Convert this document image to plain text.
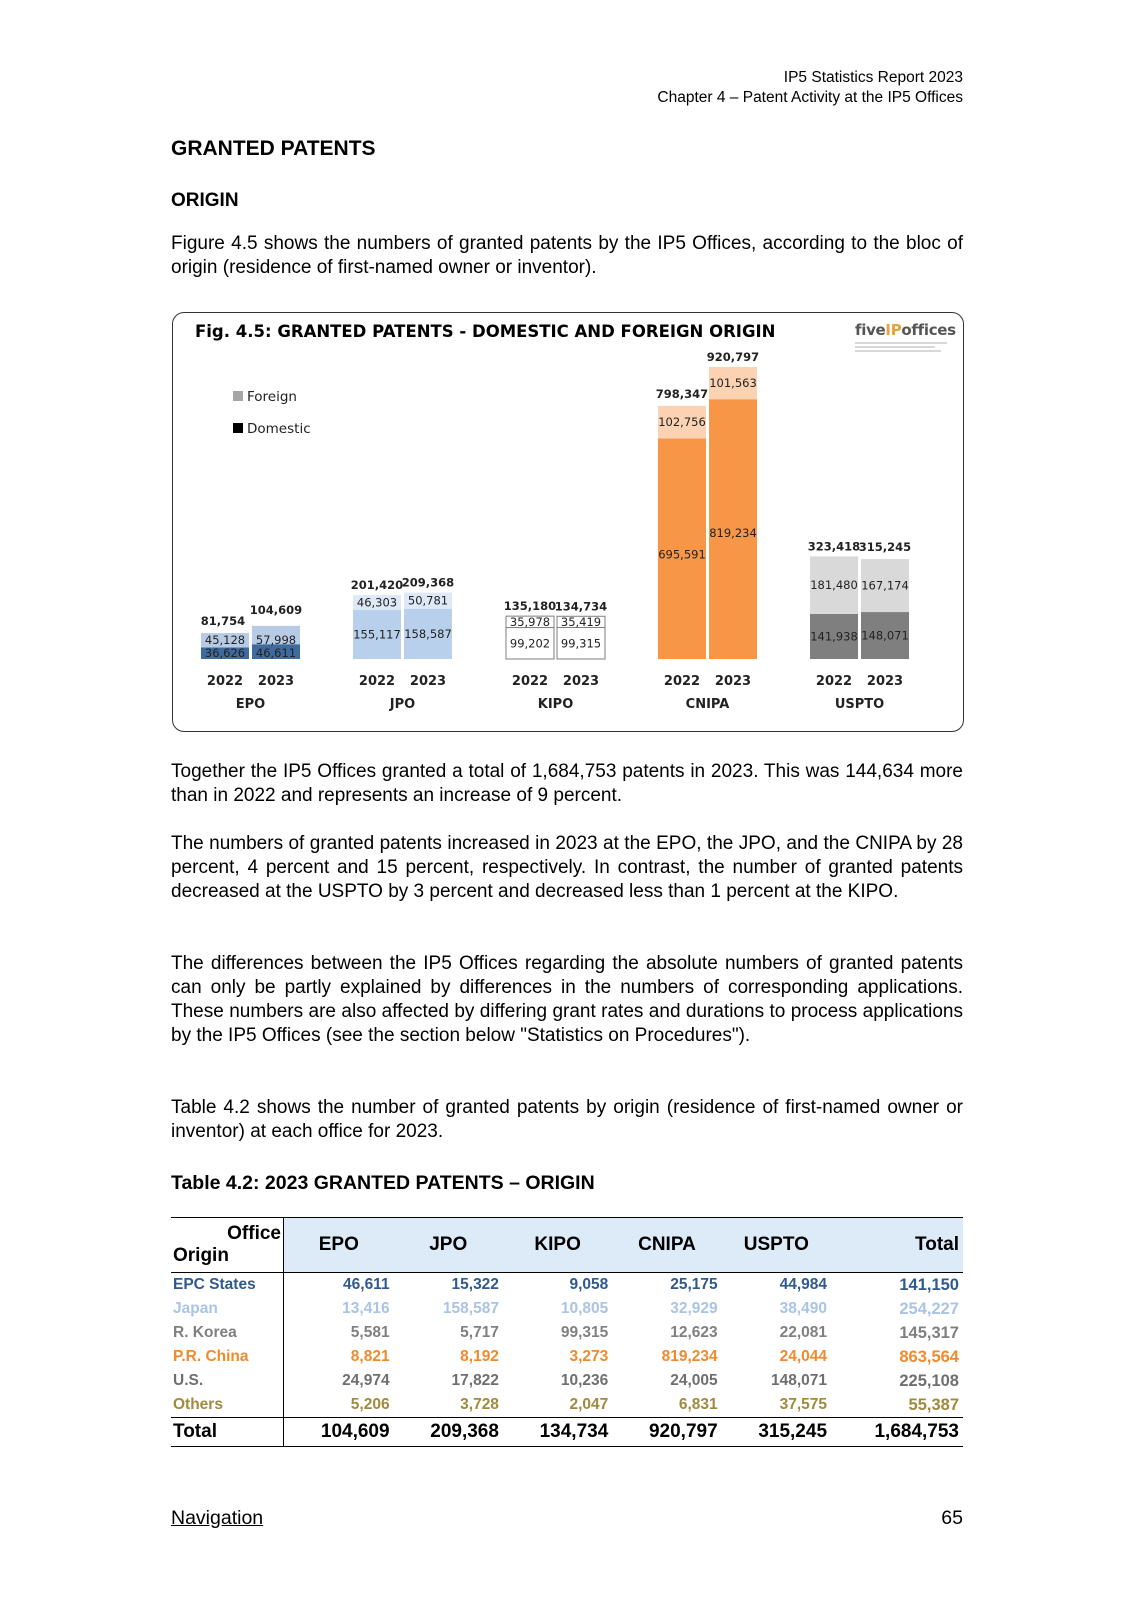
IP5 Statistics Report 2023
Chapter 4 – Patent Activity at the IP5 Offices
GRANTED PATENTS
ORIGIN

Figure 4.5 shows the numbers of granted patents by the IP5 Offices, according to the bloc of origin (residence of first-named owner or inventor).

36,626
45,128
81,754
2022
46,611
57,998
104,609
2023
EPO
155,117
46,303
201,420
2022
158,587
50,781
209,368
2023
JPO
99,202
35,978
135,180
2022
99,315
35,419
134,734
2023
KIPO
695,591
102,756
798,347
2022
819,234
101,563
920,797
2023
CNIPA
141,938
181,480
323,418
2022
148,071
167,174
315,245
2023
USPTO
Fig. 4.5: GRANTED PATENTS - DOMESTIC AND FOREIGN ORIGIN	fiveIPoffices
Foreign
Domestic

Together the IP5 Offices granted a total of 1,684,753 patents in 2023. This was 144,634 more than in 2022 and represents an increase of 9 percent.

The numbers of granted patents increased in 2023 at the EPO, the JPO, and the CNIPA by 28 percent, 4 percent and 15 percent, respectively. In contrast, the number of granted patents decreased at the USPTO by 3 percent and decreased less than 1 percent at the KIPO.

The differences between the IP5 Offices regarding the absolute numbers of granted patents can only be partly explained by differences in the numbers of corresponding applications. These numbers are also affected by differing grant rates and durations to process applications by the IP5 Offices (see the section below "Statistics on Procedures").

Table 4.2 shows the number of granted patents by origin (residence of first-named owner or inventor) at each office for 2023.

Table 4.2: 2023 GRANTED PATENTS – ORIGIN
Office
Origin	EPO	JPO	KIPO	CNIPA	USPTO	Total
EPC States	46,611	15,322	9,058	25,175	44,984	141,150
Japan	13,416	158,587	10,805	32,929	38,490	254,227
R. Korea	5,581	5,717	99,315	12,623	22,081	145,317
P.R. China	8,821	8,192	3,273	819,234	24,044	863,564
U.S.	24,974	17,822	10,236	24,005	148,071	225,108
Others	5,206	3,728	2,047	6,831	37,575	55,387
Total	104,609	209,368	134,734	920,797	315,245	1,684,753
Navigation	65
